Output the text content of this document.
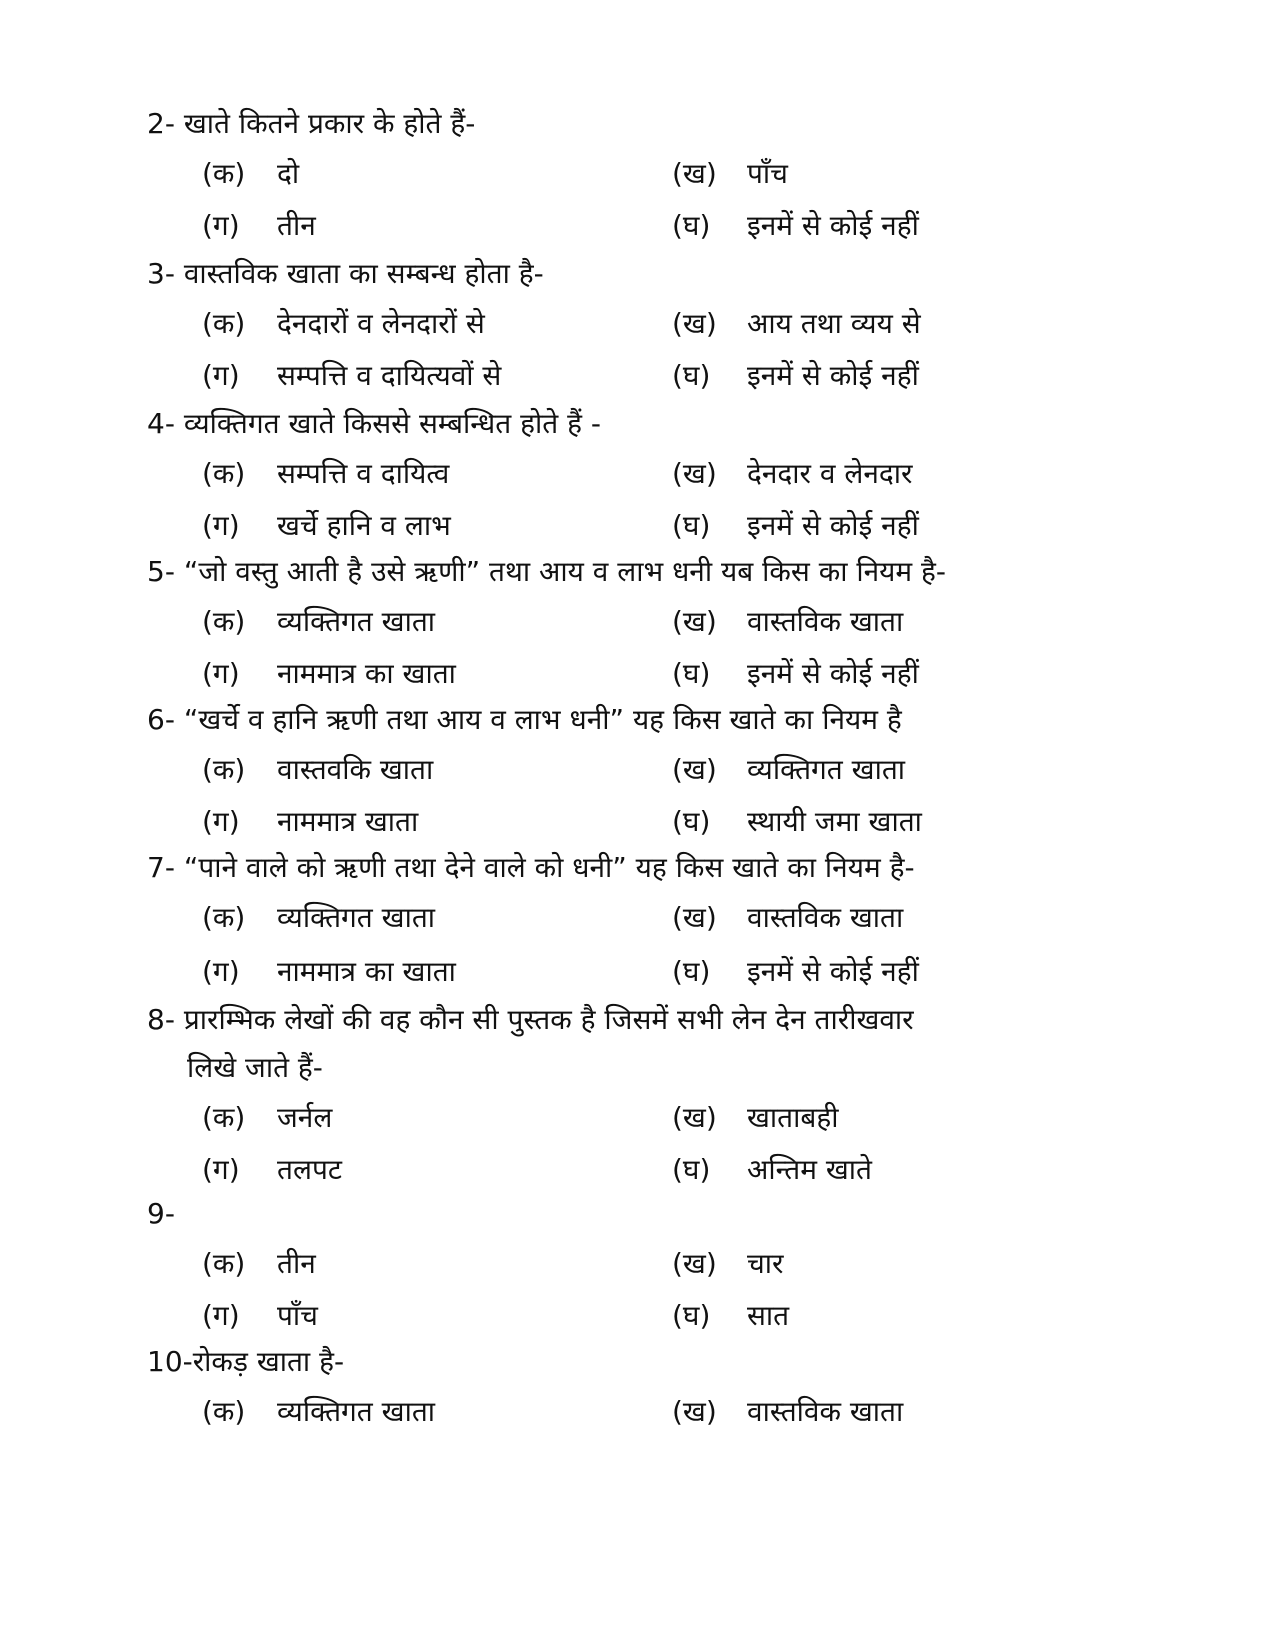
2- खाते कितने प्रकार के होते हैं-
(क) दो	(ख) पाँच
(ग) तीन	(घ) इनमें से कोई नहीं
3- वास्तविक खाता का सम्बन्ध होता है-
(क) देनदारों व लेनदारों से	(ख) आय तथा व्यय से
(ग) सम्पत्ति व दायित्यवों से	(घ) इनमें से कोई नहीं
4- व्यक्तिगत खाते किससे सम्बन्धित होते हैं -
(क) सम्पत्ति व दायित्व	(ख) देनदार व लेनदार
(ग) खर्चे हानि व लाभ	(घ) इनमें से कोई नहीं
5- “जो वस्तु आती है उसे ऋणी” तथा आय व लाभ धनी यब किस का नियम है-
(क) व्यक्तिगत खाता	(ख) वास्तविक खाता
(ग) नाममात्र का खाता	(घ) इनमें से कोई नहीं
6- “खर्चे व हानि ऋणी तथा आय व लाभ धनी” यह किस खाते का नियम है
(क) वास्तवकि खाता	(ख) व्यक्तिगत खाता
(ग) नाममात्र खाता	(घ) स्थायी जमा खाता
7- “पाने वाले को ऋणी तथा देने वाले को धनी” यह किस खाते का नियम है-
(क) व्यक्तिगत खाता	(ख) वास्तविक खाता
(ग) नाममात्र का खाता	(घ) इनमें से कोई नहीं
8- प्रारम्भिक लेखों की वह कौन सी पुस्तक है जिसमें सभी लेन देन तारीखवार
लिखे जाते हैं-
(क) जर्नल	(ख) खाताबही
(ग) तलपट	(घ) अन्तिम खाते
9-
(क) तीन	(ख) चार
(ग) पाँच	(घ) सात
10-रोकड़ खाता है-
(क) व्यक्तिगत खाता	(ख) वास्तविक खाता
